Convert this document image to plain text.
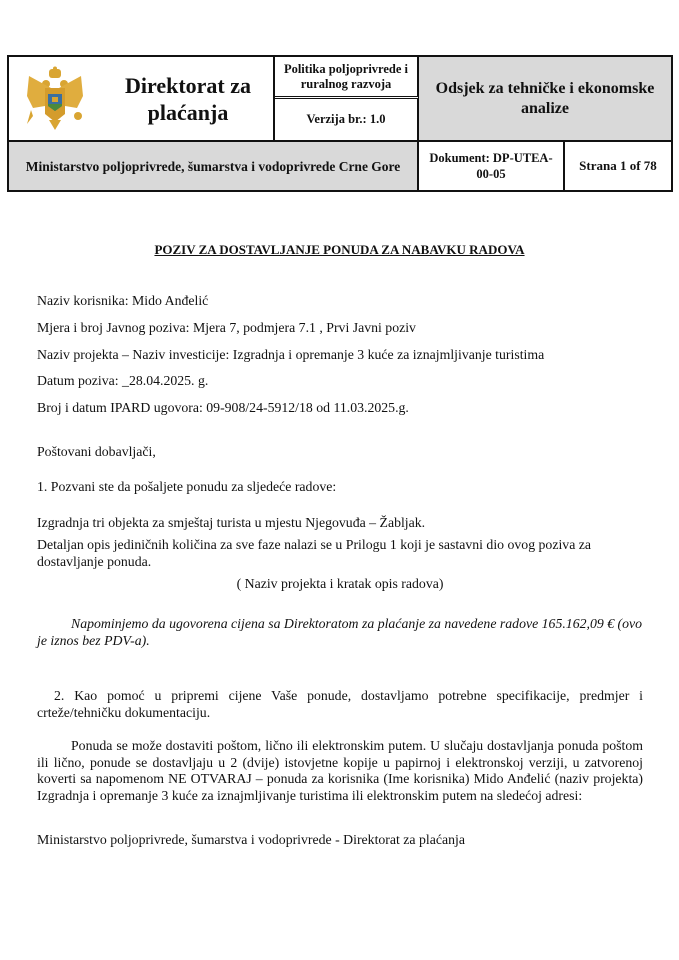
Direktorat za plaćanja
Politika poljoprivrede i ruralnog razvoja
Verzija br.: 1.0
Odsjek za tehničke i ekonomske analize
Ministarstvo poljoprivrede, šumarstva i vodoprivrede Crne Gore
Dokument: DP-UTEA-00-05
Strana 1 of 78
POZIV ZA DOSTAVLJANJE PONUDA ZA NABAVKU RADOVA
Naziv korisnika: Mido Anđelić
Mjera i broj Javnog poziva: Mjera 7, podmjera 7.1 , Prvi Javni poziv
Naziv projekta – Naziv investicije: Izgradnja i opremanje 3 kuće za iznajmljivanje turistima
Datum poziva: _28.04.2025. g.
Broj i datum IPARD ugovora: 09-908/24-5912/18 od 11.03.2025.g.
Poštovani dobavljači,
1. Pozvani ste da pošaljete ponudu za sljedeće radove:
Izgradnja tri objekta za smještaj turista u mjestu Njegovuđa – Žabljak.
Detaljan opis jediničnih količina za sve faze nalazi se u Prilogu 1 koji je sastavni dio ovog poziva za dostavljanje ponuda.
( Naziv projekta i kratak opis radova)
Napominjemo da ugovorena cijena sa Direktoratom za plaćanje za navedene radove 165.162,09 € (ovo je iznos bez PDV-a).
2. Kao pomoć u pripremi cijene Vaše ponude, dostavljamo potrebne specifikacije, predmjer i crteže/tehničku dokumentaciju.
Ponuda se može dostaviti poštom, lično ili elektronskim putem. U slučaju dostavljanja ponuda poštom ili lično, ponude se dostavljaju u 2 (dvije) istovjetne kopije u papirnoj i elektronskoj verziji, u zatvorenoj koverti sa napomenom NE OTVARAJ – ponuda za korisnika (Ime korisnika) Mido Anđelić (naziv projekta) Izgradnja i opremanje 3 kuće za iznajmljivanje turistima ili elektronskim putem na sledećoj adresi:
Ministarstvo poljoprivrede, šumarstva i vodoprivrede - Direktorat za plaćanja
